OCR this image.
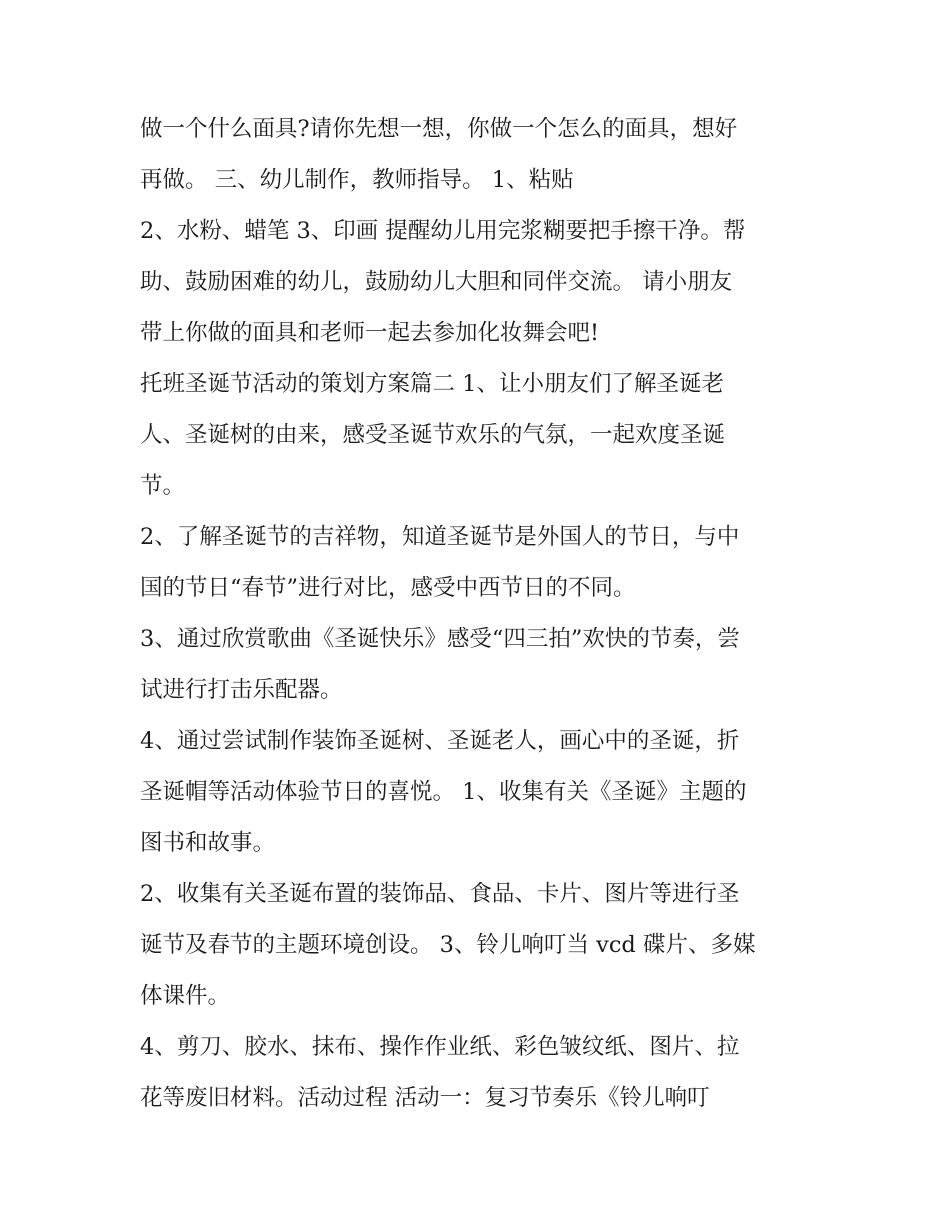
做一个什么面具?请你先想一想，你做一个怎么的面具，想好
再做。 三、幼儿制作，教师指导。 1、粘贴
2、水粉、蜡笔 3、印画 提醒幼儿用完浆糊要把手擦干净。帮
助、鼓励困难的幼儿，鼓励幼儿大胆和同伴交流。 请小朋友
带上你做的面具和老师一起去参加化妆舞会吧!
托班圣诞节活动的策划方案篇二 1、让小朋友们了解圣诞老
人、圣诞树的由来，感受圣诞节欢乐的气氛，一起欢度圣诞
节。
2、了解圣诞节的吉祥物，知道圣诞节是外国人的节日，与中
国的节日“春节”进行对比，感受中西节日的不同。
3、通过欣赏歌曲《圣诞快乐》感受“四三拍”欢快的节奏，尝
试进行打击乐配器。
4、通过尝试制作装饰圣诞树、圣诞老人，画心中的圣诞，折
圣诞帽等活动体验节日的喜悦。 1、收集有关《圣诞》主题的
图书和故事。
2、收集有关圣诞布置的装饰品、食品、卡片、图片等进行圣
诞节及春节的主题环境创设。 3、铃儿响叮当 vcd 碟片、多媒
体课件。
4、剪刀、胶水、抹布、操作作业纸、彩色皱纹纸、图片、拉
花等废旧材料。活动过程 活动一：复习节奏乐《铃儿响叮
